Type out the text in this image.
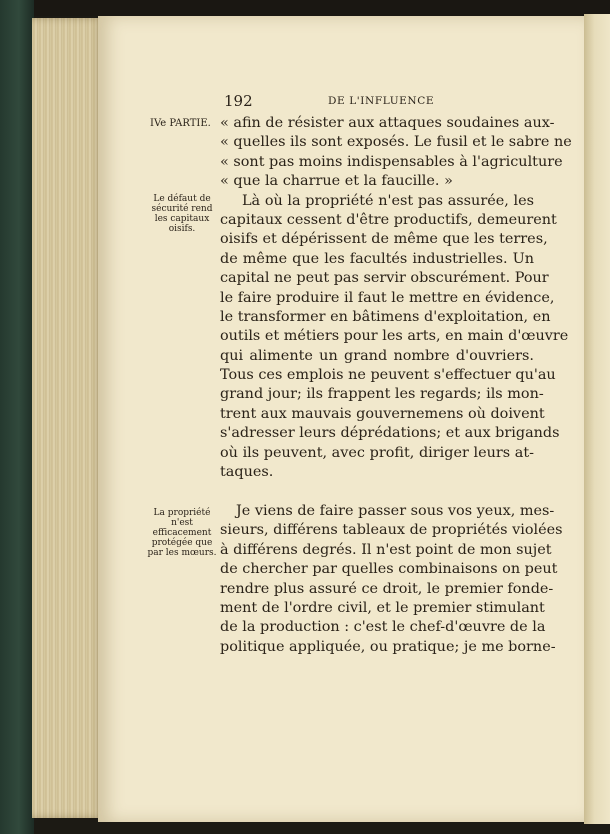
192	DE L'INFLUENCE
IVe PARTIE.
Le défaut de
sécurité rend
les capitaux
oisifs.
La propriété
n'est
efficacement
protégée que
par les mœurs.
« afin de résister aux attaques soudaines aux-
« quelles ils sont exposés. Le fusil et le sabre ne
« sont pas moins indispensables à l'agriculture
« que la charrue et la faucille. »
Là où la propriété n'est pas assurée, les
capitaux cessent d'être productifs, demeurent
oisifs et dépérissent de même que les terres,
de même que les facultés industrielles. Un
capital ne peut pas servir obscurément. Pour
le faire produire il faut le mettre en évidence,
le transformer en bâtimens d'exploitation, en
outils et métiers pour les arts, en main d'œuvre
qui alimente un grand nombre d'ouvriers.
Tous ces emplois ne peuvent s'effectuer qu'au
grand jour; ils frappent les regards; ils mon-
trent aux mauvais gouvernemens où doivent
s'adresser leurs déprédations; et aux brigands
où ils peuvent, avec profit, diriger leurs at-
taques.
Je viens de faire passer sous vos yeux, mes-
sieurs, différens tableaux de propriétés violées
à différens degrés. Il n'est point de mon sujet
de chercher par quelles combinaisons on peut
rendre plus assuré ce droit, le premier fonde-
ment de l'ordre civil, et le premier stimulant
de la production : c'est le chef-d'œuvre de la
politique appliquée, ou pratique; je me borne-
